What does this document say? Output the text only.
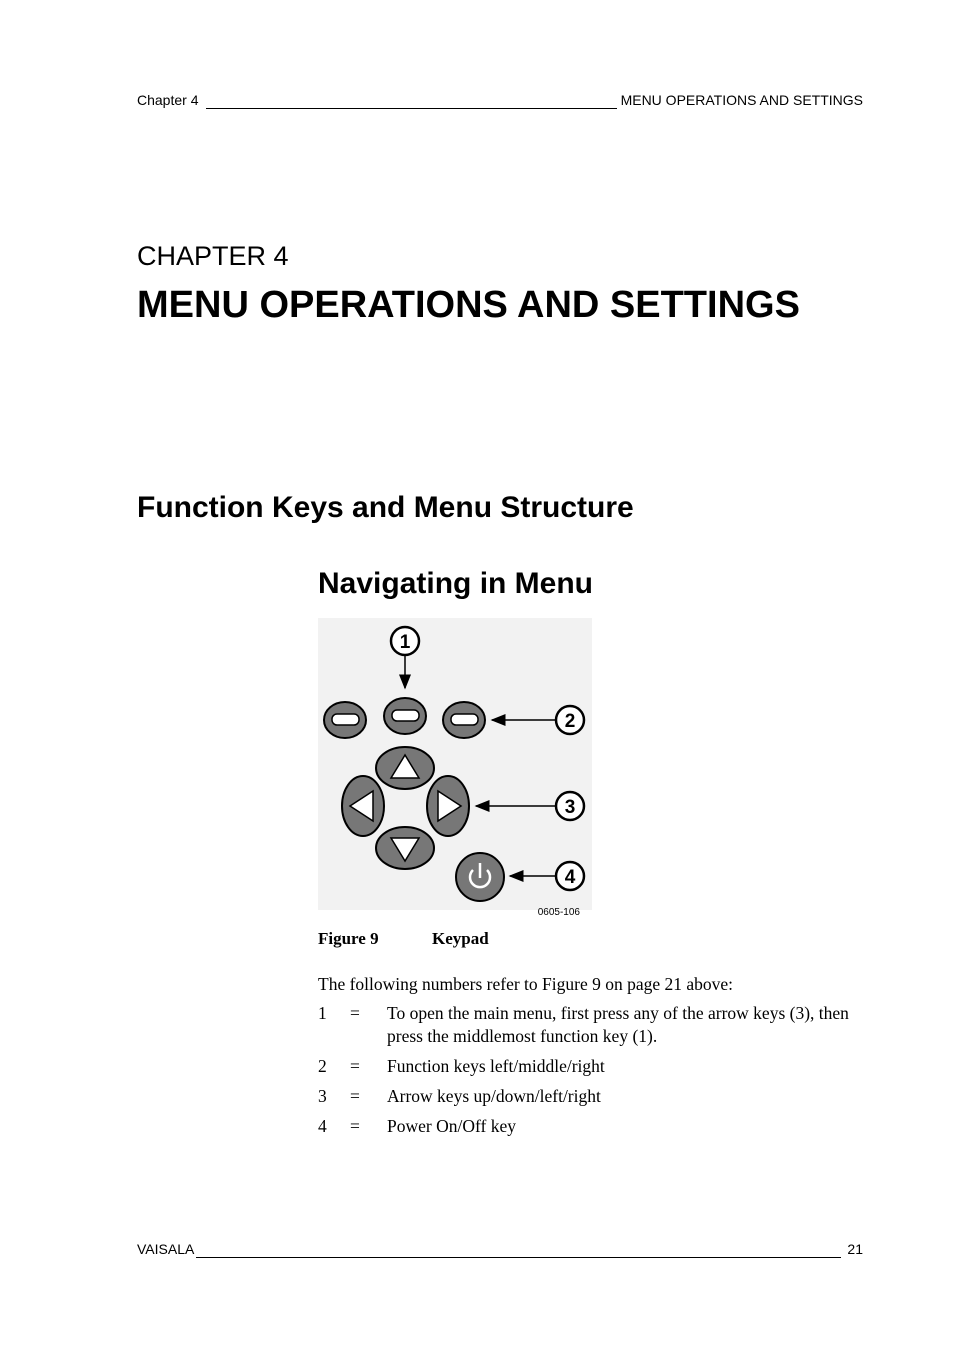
Chapter 4	MENU OPERATIONS AND SETTINGS
CHAPTER 4
MENU OPERATIONS AND SETTINGS
Function Keys and Menu Structure
Navigating in Menu
1
2
3
4
0605-106
Figure 9	Keypad
The following numbers refer to Figure 9 on page 21 above:
1	=	To open the main menu, first press any of the arrow keys (3), then press the middlemost function key (1).
2	=	Function keys left/middle/right
3	=	Arrow keys up/down/left/right
4	=	Power On/Off key
VAISALA	21
